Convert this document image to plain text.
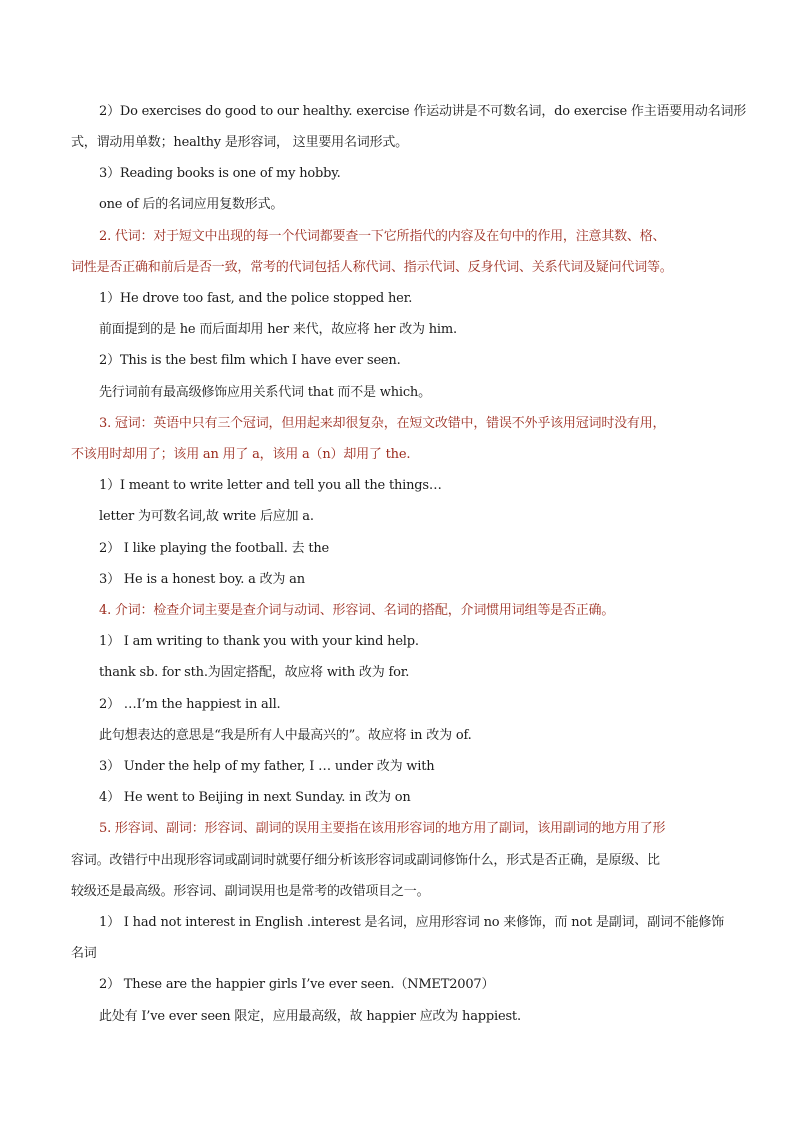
2）Do exercises do good to our healthy. exercise 作运动讲是不可数名词，do exercise 作主语要用动名词形
式，谓动用单数；healthy 是形容词， 这里要用名词形式。
3）Reading books is one of my hobby.
one of 后的名词应用复数形式。
2. 代词：对于短文中出现的每一个代词都要查一下它所指代的内容及在句中的作用，注意其数、格、
词性是否正确和前后是否一致，常考的代词包括人称代词、指示代词、反身代词、关系代词及疑问代词等。
1）He drove too fast, and the police stopped her.
前面提到的是 he 而后面却用 her 来代，故应将 her 改为 him.
2）This is the best film which I have ever seen.
先行词前有最高级修饰应用关系代词 that 而不是 which。
3. 冠词：英语中只有三个冠词，但用起来却很复杂，在短文改错中，错误不外乎该用冠词时没有用，
不该用时却用了；该用 an 用了 a，该用 a（n）却用了 the.
1）I meant to write letter and tell you all the things…
letter 为可数名词,故 write 后应加 a.
2） I like playing the football. 去 the
3） He is a honest boy. a 改为 an
4. 介词：检查介词主要是查介词与动词、形容词、名词的搭配，介词惯用词组等是否正确。
1） I am writing to thank you with your kind help.
thank sb. for sth.为固定搭配，故应将 with 改为 for.
2） …I’m the happiest in all.
此句想表达的意思是“我是所有人中最高兴的”。故应将 in 改为 of.
3） Under the help of my father, I … under 改为 with
4） He went to Beijing in next Sunday. in 改为 on
5. 形容词、副词：形容词、副词的误用主要指在该用形容词的地方用了副词，该用副词的地方用了形
容词。改错行中出现形容词或副词时就要仔细分析该形容词或副词修饰什么，形式是否正确，是原级、比
较级还是最高级。形容词、副词误用也是常考的改错项目之一。
1） I had not interest in English .interest 是名词，应用形容词 no 来修饰，而 not 是副词，副词不能修饰
名词
2） These are the happier girls I’ve ever seen.（NMET2007）
此处有 I’ve ever seen 限定，应用最高级，故 happier 应改为 happiest.
